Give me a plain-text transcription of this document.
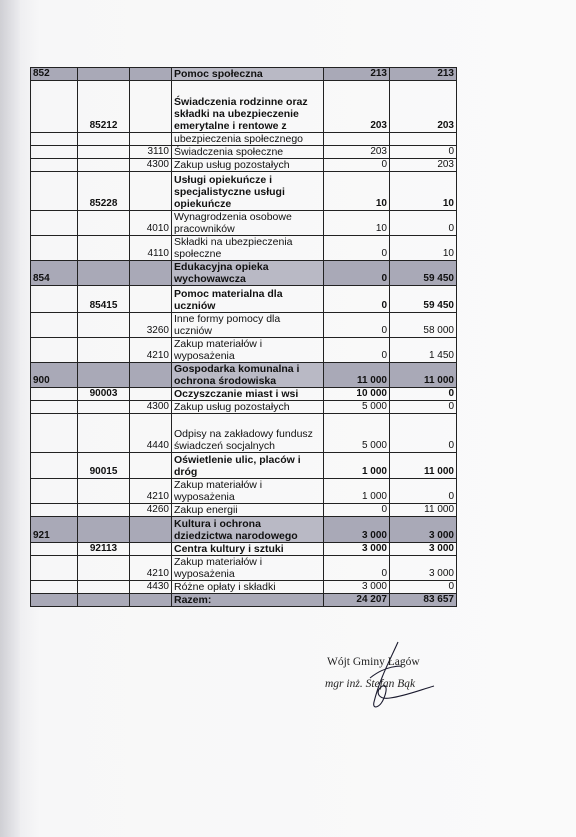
852			Pomoc społeczna	213	213
	85212		Świadczenia rodzinne oraz składki na ubezpieczenie emerytalne i rentowe z	203	203
			ubezpieczenia społecznego		
		3110	Świadczenia społeczne	203	0
		4300	Zakup usług pozostałych	0	203
	85228		Usługi opiekuńcze i specjalistyczne usługi opiekuńcze	10	10
		4010	Wynagrodzenia osobowe pracowników	10	0
		4110	Składki na ubezpieczenia społeczne	0	10
854			Edukacyjna opieka wychowawcza	0	59 450
	85415		Pomoc materialna dla uczniów	0	59 450
		3260	Inne formy pomocy dla uczniów	0	58 000
		4210	Zakup materiałów i wyposażenia	0	1 450
900			Gospodarka komunalna i ochrona środowiska	11 000	11 000
	90003		Oczyszczanie miast i wsi	10 000	0
		4300	Zakup usług pozostałych	5 000	0
		4440	Odpisy na zakładowy fundusz świadczeń socjalnych	5 000	0
	90015		Oświetlenie ulic, placów i dróg	1 000	11 000
		4210	Zakup materiałów i wyposażenia	1 000	0
		4260	Zakup energii	0	11 000
921			Kultura i ochrona dziedzictwa narodowego	3 000	3 000
	92113		Centra kultury i sztuki	3 000	3 000
		4210	Zakup materiałów i wyposażenia	0	3 000
		4430	Różne opłaty i składki	3 000	0
			Razem:	24 207	83 657
Wójt Gminy Łagów
mgr inż. Stefan Bąk
